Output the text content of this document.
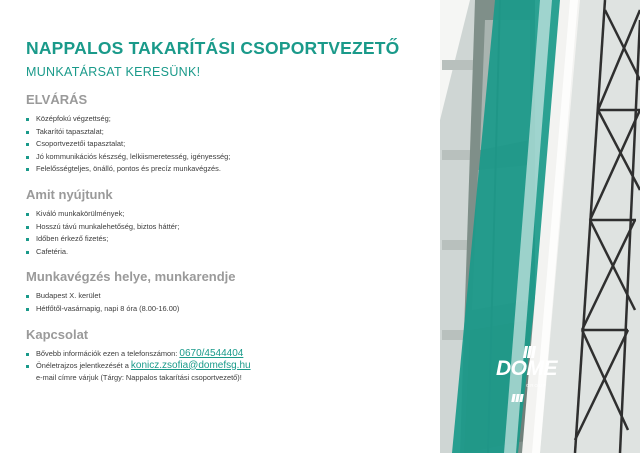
NAPPALOS TAKARÍTÁSI CSOPORTVEZETŐ
MUNKATÁRSAT KERESÜNK!
ELVÁRÁS
Középfokú végzettség;
Takarítói tapasztalat;
Csoportvezetői tapasztalat;
Jó kommunikációs készség, lelkiismeretesség, igényesség;
Felelősségteljes, önálló, pontos és precíz munkavégzés.
Amit nyújtunk
Kiváló munkakörülmények;
Hosszú távú munkalehetőség, biztos háttér;
Időben érkező fizetés;
Cafetéria.
Munkavégzés helye, munkarendje
Budapest X. kerület
Hétfőtől-vasárnapig, napi 8 óra (8.00-16.00)
Kapcsolat
Bővebb információk ezen a telefonszámon: 0670/4544404
Önéletrajzos jelentkezését a konicz.zsofia@domefsg.hu
e-mail címre várjuk (Tárgy: Nappalos takarítási csoportvezető)!	DOME
GROUP
